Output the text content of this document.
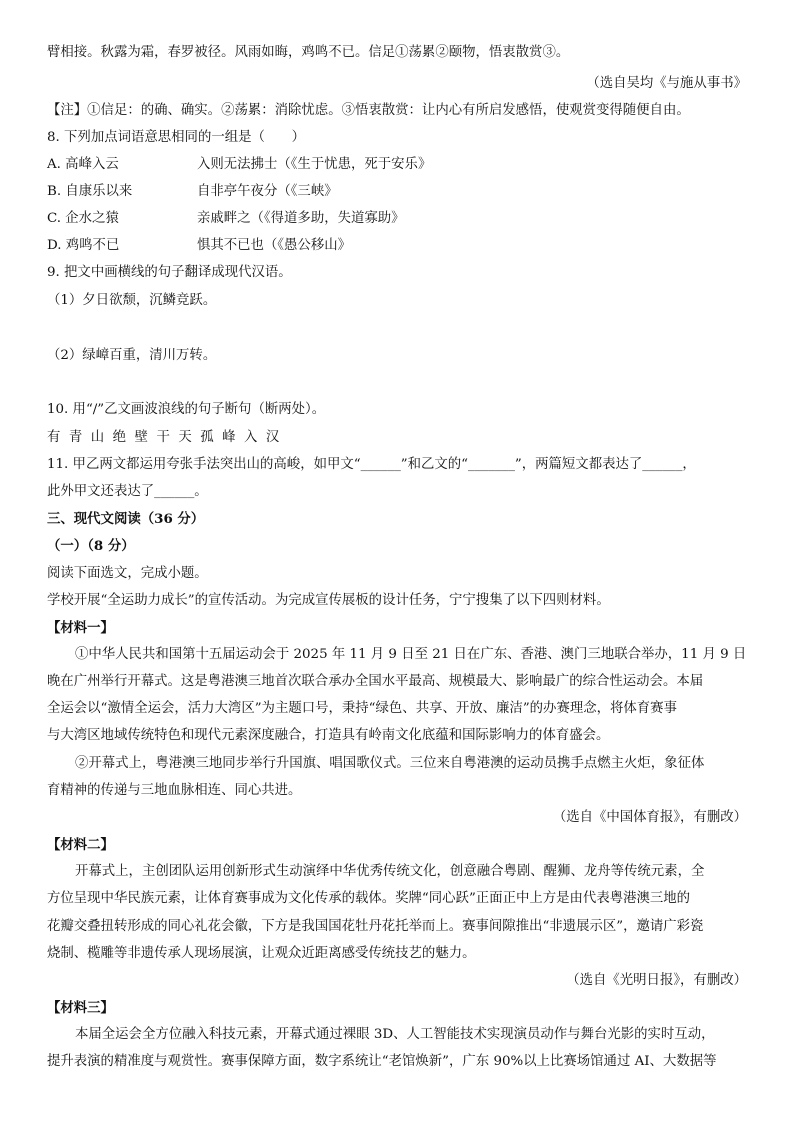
臂相接。秋露为霜，春罗被径。风雨如晦，鸡鸣不已。信足①荡累②颐物，悟衷散赏③。
（选自吴均《与施从事书》
【注】①信足：的确、确实。②荡累：消除忧虑。③悟衷散赏：让内心有所启发感悟，使观赏变得随便自由。
8. 下列加点词语意思相同的一组是（　　）
A. 高峰入云	入则无法拂士（《生于忧患，死于安乐》
B. 自康乐以来	自非亭午夜分（《三峡》
C. 企水之猿	亲戚畔之（《得道多助，失道寡助》
D. 鸡鸣不已	惧其不已也（《愚公移山》
9. 把文中画横线的句子翻译成现代汉语。
（1）夕日欲颓，沉鳞竞跃。
（2）绿嶂百重，清川万转。
10. 用“/”乙文画波浪线的句子断句（断两处）。
有青山绝壁干天孤峰入汉
11. 甲乙两文都运用夸张手法突出山的高峻，如甲文“______”和乙文的“_______”，两篇短文都表达了______，
此外甲文还表达了______。
三、现代文阅读（36 分）
（一）（8 分）
阅读下面选文，完成小题。
学校开展“全运助力成长”的宣传活动。为完成宣传展板的设计任务，宁宁搜集了以下四则材料。
【材料一】
①中华人民共和国第十五届运动会于 2025 年 11 月 9 日至 21 日在广东、香港、澳门三地联合举办，11 月 9 日
晚在广州举行开幕式。这是粤港澳三地首次联合承办全国水平最高、规模最大、影响最广的综合性运动会。本届
全运会以“激情全运会，活力大湾区”为主题口号，秉持“绿色、共享、开放、廉洁”的办赛理念，将体育赛事
与大湾区地域传统特色和现代元素深度融合，打造具有岭南文化底蕴和国际影响力的体育盛会。
②开幕式上，粤港澳三地同步举行升国旗、唱国歌仪式。三位来自粤港澳的运动员携手点燃主火炬，象征体
育精神的传递与三地血脉相连、同心共进。
（选自《中国体育报》，有删改）
【材料二】
开幕式上，主创团队运用创新形式生动演绎中华优秀传统文化，创意融合粤剧、醒狮、龙舟等传统元素，全
方位呈现中华民族元素，让体育赛事成为文化传承的载体。奖牌“同心跃”正面正中上方是由代表粤港澳三地的
花瓣交叠扭转形成的同心礼花会徽，下方是我国国花牡丹花托举而上。赛事间隙推出“非遗展示区”，邀请广彩瓷
烧制、榄雕等非遗传承人现场展演，让观众近距离感受传统技艺的魅力。
（选自《光明日报》，有删改）
【材料三】
本届全运会全方位融入科技元素，开幕式通过裸眼 3D、人工智能技术实现演员动作与舞台光影的实时互动，
提升表演的精准度与观赏性。赛事保障方面，数字系统让“老馆焕新”，广东 90%以上比赛场馆通过 AI、大数据等
